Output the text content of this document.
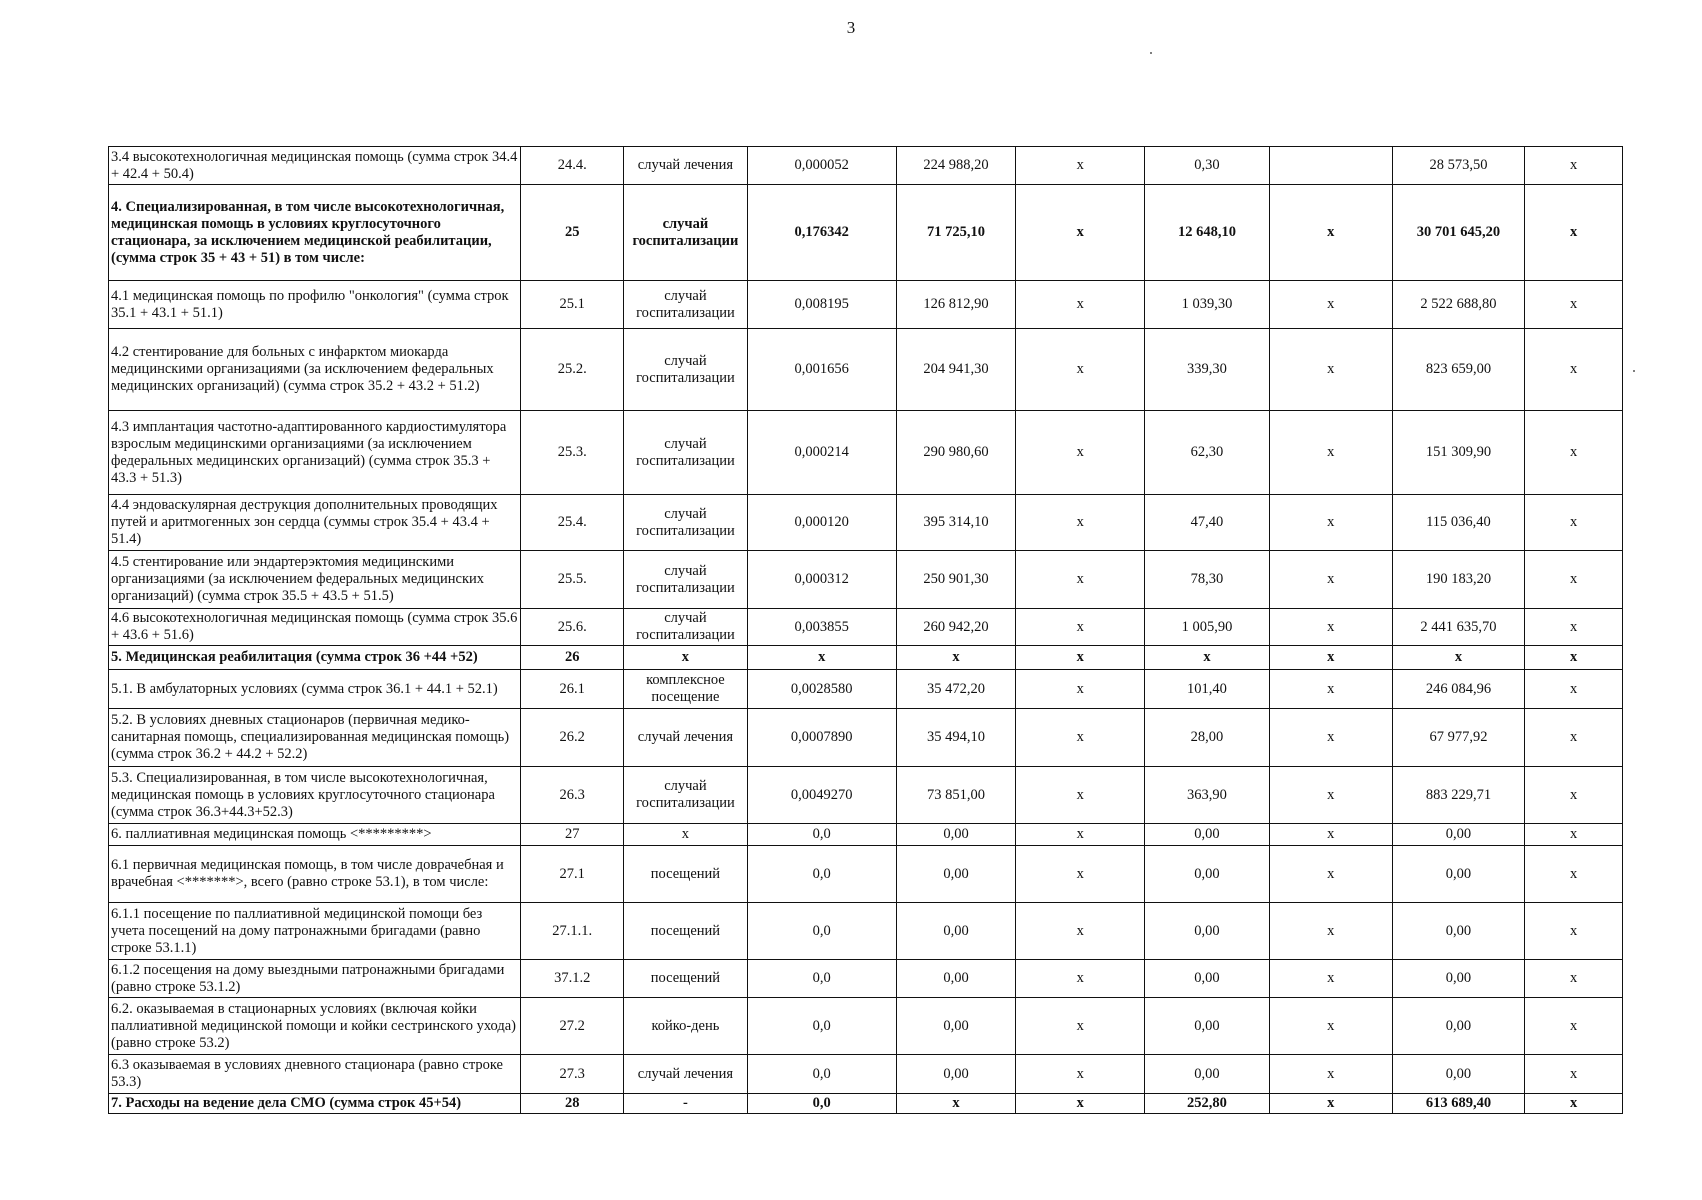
3
3.4 высокотехнологичная медицинская помощь (сумма строк 34.4 + 42.4 + 50.4)	24.4.	случай лечения	0,000052	224 988,20	х	0,30		28 573,50	х
4. Специализированная, в том числе высокотехнологичная, медицинская помощь в условиях круглосуточного стационара, за исключением медицинской реабилитации, (сумма строк 35 + 43 + 51) в том числе:	25	случай госпитализации	0,176342	71 725,10	х	12 648,10	х	30 701 645,20	х
4.1 медицинская помощь по профилю "онкология" (сумма строк 35.1 + 43.1 + 51.1)	25.1	случай госпитализации	0,008195	126 812,90	х	1 039,30	х	2 522 688,80	х
4.2 стентирование для больных с инфарктом миокарда медицинскими организациями (за исключением федеральных медицинских организаций) (сумма строк 35.2 + 43.2 + 51.2)	25.2.	случай госпитализации	0,001656	204 941,30	х	339,30	х	823 659,00	х
4.3 имплантация частотно-адаптированного кардиостимулятора взрослым медицинскими организациями (за исключением федеральных медицинских организаций) (сумма строк 35.3 + 43.3 + 51.3)	25.3.	случай госпитализации	0,000214	290 980,60	х	62,30	х	151 309,90	х
4.4 эндоваскулярная деструкция дополнительных проводящих путей и аритмогенных зон сердца (суммы строк 35.4 + 43.4 + 51.4)	25.4.	случай госпитализации	0,000120	395 314,10	х	47,40	х	115 036,40	х
4.5 стентирование или эндартерэктомия медицинскими организациями (за исключением федеральных медицинских организаций) (сумма строк 35.5 + 43.5 + 51.5)	25.5.	случай госпитализации	0,000312	250 901,30	х	78,30	х	190 183,20	х
4.6 высокотехнологичная медицинская помощь (сумма строк 35.6 + 43.6 + 51.6)	25.6.	случай госпитализации	0,003855	260 942,20	х	1 005,90	х	2 441 635,70	х
5. Медицинская реабилитация (сумма строк 36 +44 +52)	26	х	х	х	х	х	х	х	х
5.1. В амбулаторных условиях (сумма строк 36.1 + 44.1 + 52.1)	26.1	комплексное посещение	0,0028580	35 472,20	х	101,40	х	246 084,96	х
5.2. В условиях дневных стационаров (первичная медико-санитарная помощь, специализированная медицинская помощь) (сумма строк 36.2 + 44.2 + 52.2)	26.2	случай лечения	0,0007890	35 494,10	х	28,00	х	67 977,92	х
5.3. Специализированная, в том числе высокотехнологичная, медицинская помощь в условиях круглосуточного стационара (сумма строк 36.3+44.3+52.3)	26.3	случай госпитализации	0,0049270	73 851,00	х	363,90	х	883 229,71	х
6. паллиативная медицинская помощь <*********>	27	х	0,0	0,00	х	0,00	х	0,00	х
6.1 первичная медицинская помощь, в том числе доврачебная и врачебная <*******>, всего (равно строке 53.1), в том числе:	27.1	посещений	0,0	0,00	х	0,00	х	0,00	х
6.1.1 посещение по паллиативной медицинской помощи без учета посещений на дому патронажными бригадами (равно строке 53.1.1)	27.1.1.	посещений	0,0	0,00	х	0,00	х	0,00	х
6.1.2 посещения на дому выездными патронажными бригадами (равно строке 53.1.2)	37.1.2	посещений	0,0	0,00	х	0,00	х	0,00	х
6.2. оказываемая в стационарных условиях (включая койки паллиативной медицинской помощи и койки сестринского ухода) (равно строке 53.2)	27.2	койко-день	0,0	0,00	х	0,00	х	0,00	х
6.3 оказываемая в условиях дневного стационара (равно строке 53.3)	27.3	случай лечения	0,0	0,00	х	0,00	х	0,00	х
7. Расходы на ведение дела СМО (сумма строк 45+54)	28	-	0,0	х	х	252,80	х	613 689,40	х
